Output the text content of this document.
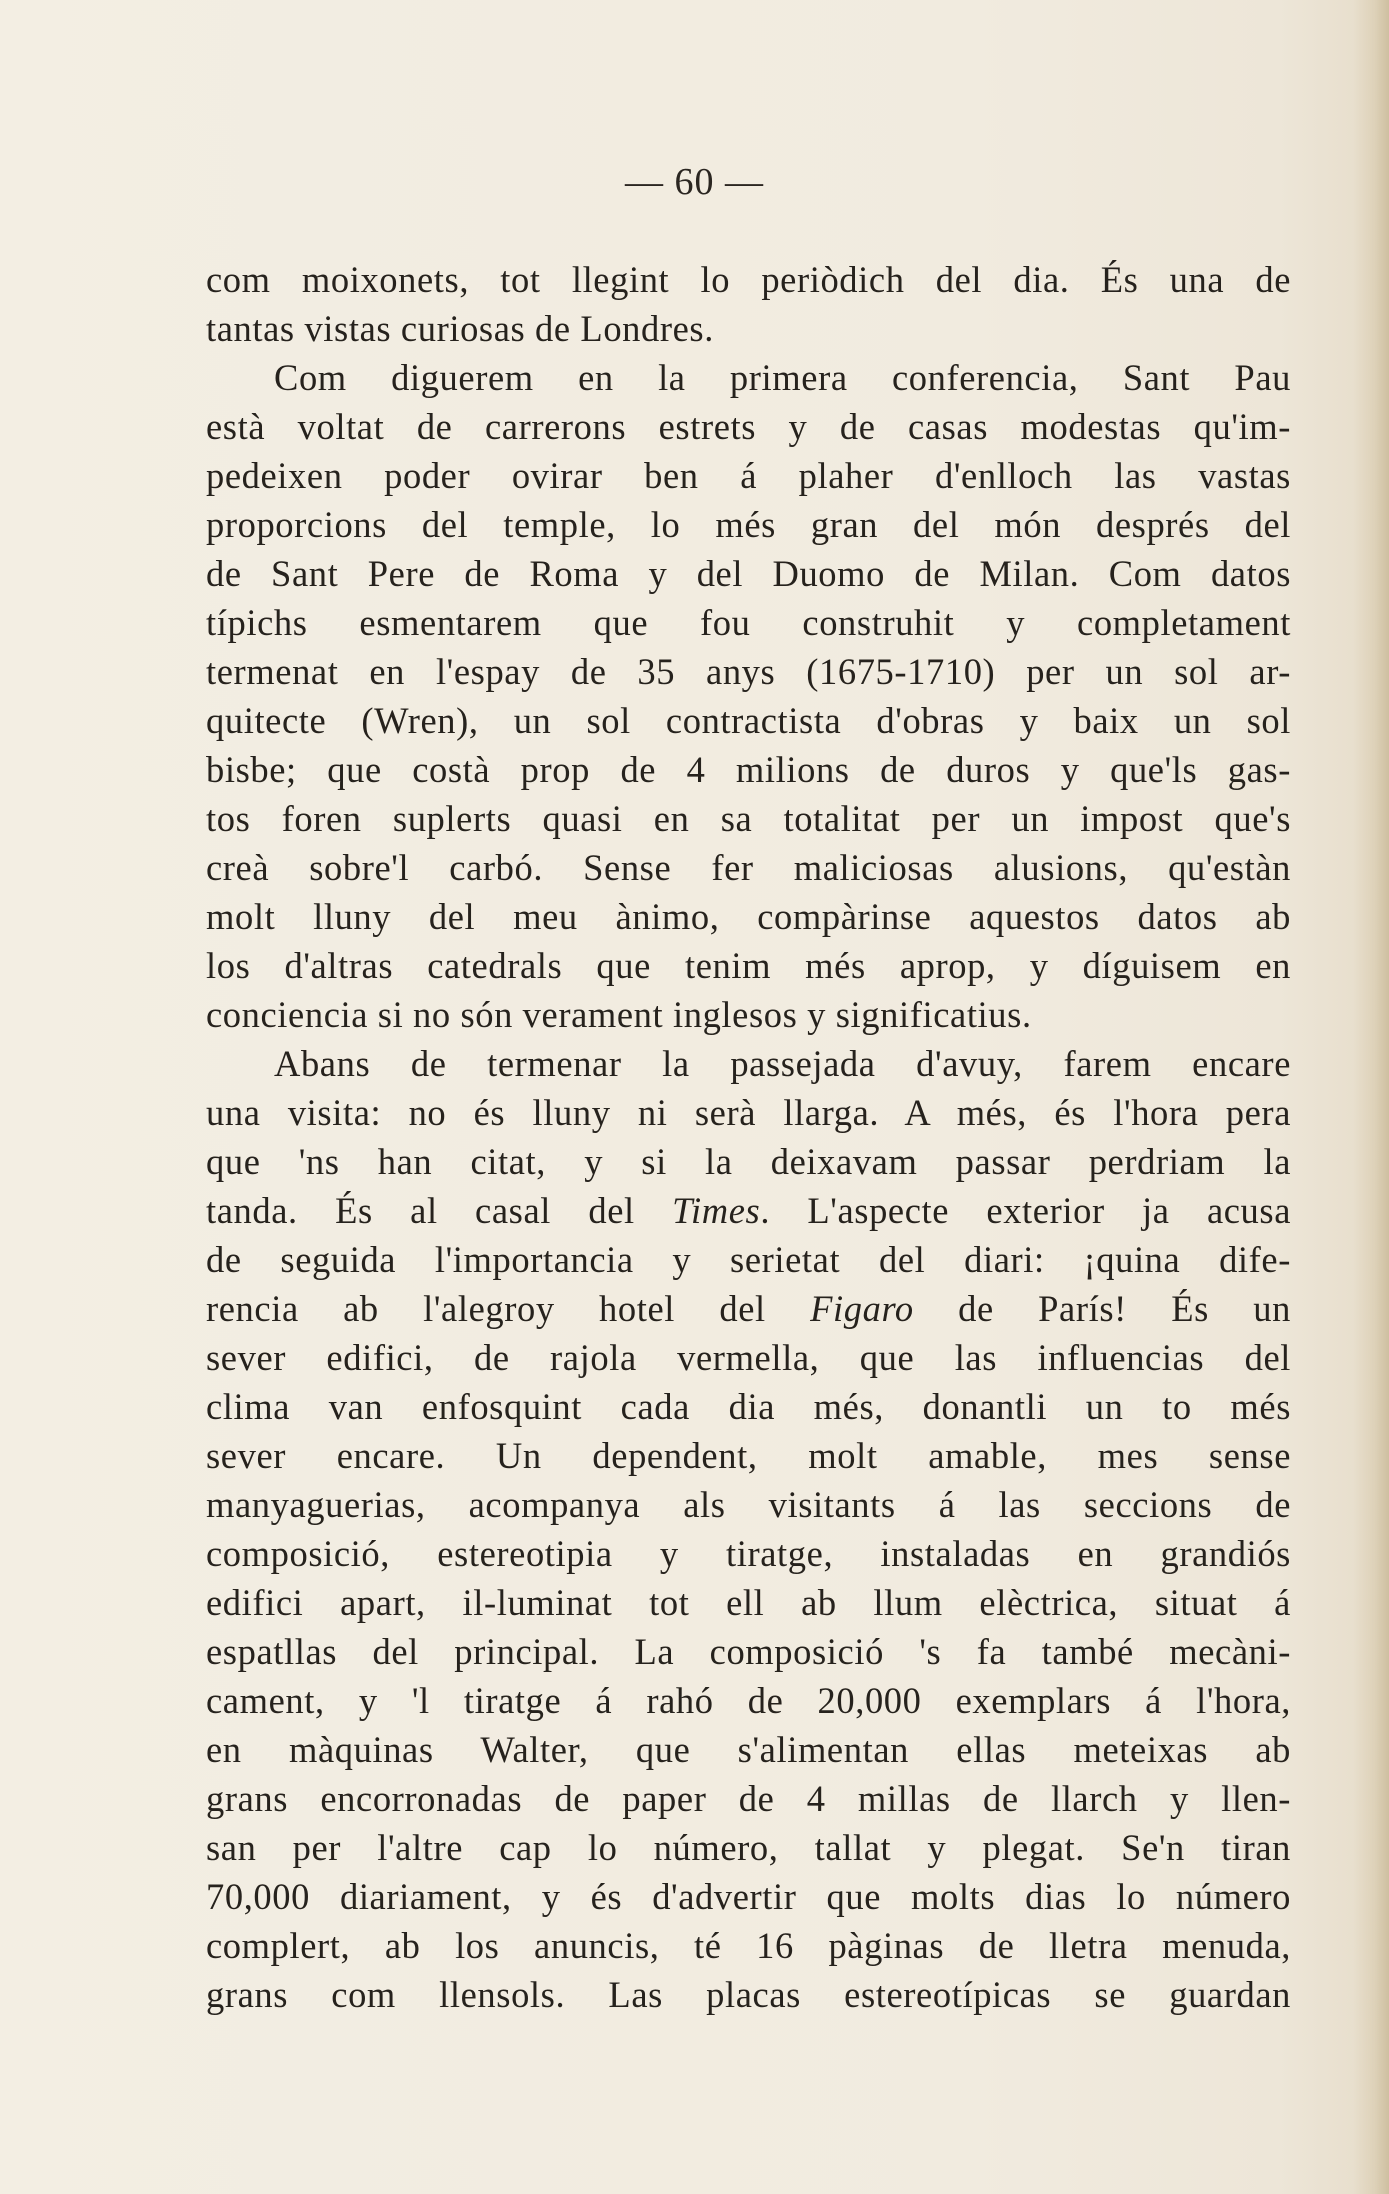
— 60 —
com moixonets, tot llegint lo periòdich del dia. És una de
tantas vistas curiosas de Londres.
Com diguerem en la primera conferencia, Sant Pau
està voltat de carrerons estrets y de casas modestas qu'im-
pedeixen poder ovirar ben á plaher d'enlloch las vastas
proporcions del temple, lo més gran del món després del
de Sant Pere de Roma y del Duomo de Milan. Com datos
típichs esmentarem que fou construhit y completament
termenat en l'espay de 35 anys (1675-1710) per un sol ar-
quitecte (Wren), un sol contractista d'obras y baix un sol
bisbe; que costà prop de 4 milions de duros y que'ls gas-
tos foren suplerts quasi en sa totalitat per un impost que's
creà sobre'l carbó. Sense fer maliciosas alusions, qu'estàn
molt lluny del meu ànimo, compàrinse aquestos datos ab
los d'altras catedrals que tenim més aprop, y díguisem en
conciencia si no són verament inglesos y significatius.
Abans de termenar la passejada d'avuy, farem encare
una visita: no és lluny ni serà llarga. A més, és l'hora pera
que 'ns han citat, y si la deixavam passar perdriam la
tanda. És al casal del Times. L'aspecte exterior ja acusa
de seguida l'importancia y serietat del diari: ¡quina dife-
rencia ab l'alegroy hotel del Figaro de París! És un
sever edifici, de rajola vermella, que las influencias del
clima van enfosquint cada dia més, donantli un to més
sever encare. Un dependent, molt amable, mes sense
manyaguerias, acompanya als visitants á las seccions de
composició, estereotipia y tiratge, instaladas en grandiós
edifici apart, il-luminat tot ell ab llum elèctrica, situat á
espatllas del principal. La composició 's fa també mecàni-
cament, y 'l tiratge á rahó de 20,000 exemplars á l'hora,
en màquinas Walter, que s'alimentan ellas meteixas ab
grans encorronadas de paper de 4 millas de llarch y llen-
san per l'altre cap lo número, tallat y plegat. Se'n tiran
70,000 diariament, y és d'advertir que molts dias lo número
complert, ab los anuncis, té 16 pàginas de lletra menuda,
grans com llensols. Las placas estereotípicas se guardan
